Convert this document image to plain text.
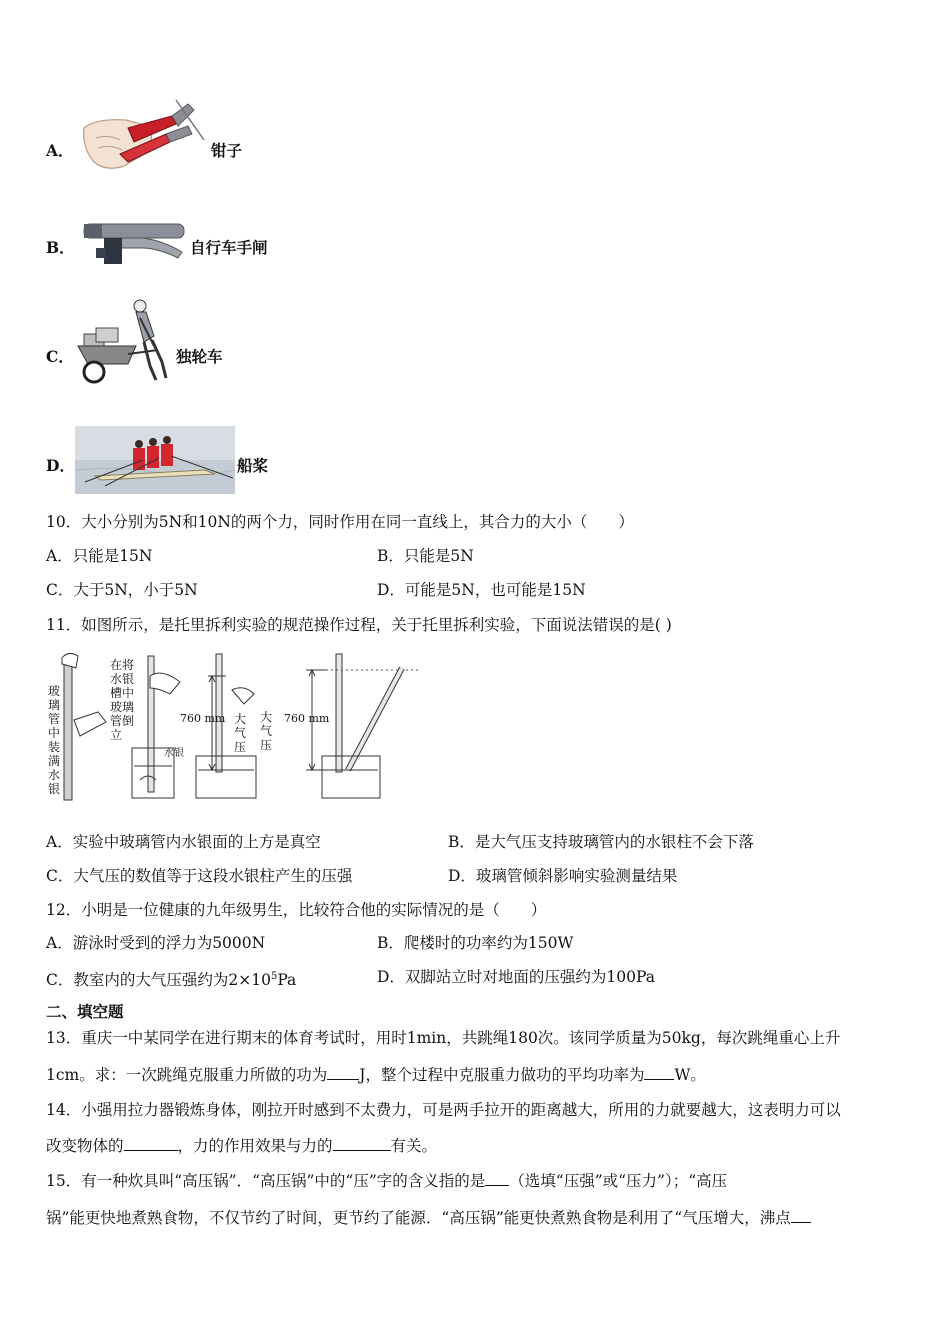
A．	钳子
B．	自行车手闸
C．	独轮车
D．	船桨
10．大小分别为5N和10N的两个力，同时作用在同一直线上，其合力的大小（　　）
A．只能是15N	B．只能是5N
C．大于5N，小于5N	D．可能是5N，也可能是15N
11．如图所示，是托里拆利实验的规范操作过程，关于托里拆利实验，下面说法错误的是( )
玻璃管中装满水银
在将水银槽中玻璃管倒立
水银
760 mm 大气压
大气压
760 mm
A．实验中玻璃管内水银面的上方是真空	B．是大气压支持玻璃管内的水银柱不会下落
C．大气压的数值等于这段水银柱产生的压强	D．玻璃管倾斜影响实验测量结果
12．小明是一位健康的九年级男生，比较符合他的实际情况的是（　　）
A．游泳时受到的浮力为5000N	B．爬楼时的功率约为150W
C．教室内的大气压强约为$2\times 10^5Pa$	D．双脚站立时对地面的压强约为100Pa
二、填空题
13．重庆一中某同学在进行期末的体育考试时，用时1min，共跳绳180次。该同学质量为50kg，每次跳绳重心上升
1cm。求：一次跳绳克服重力所做的功为 J，整个过程中克服重力做功的平均功率为 W。
14．小强用拉力器锻炼身体，刚拉开时感到不太费力，可是两手拉开的距离越大，所用的力就要越大，这表明力可以
改变物体的	，力的作用效果与力的	有关。
15．有一种炊具叫“高压锅”．“高压锅”中的“压”字的含义指的是 （选填“压强”或“压力”）；“高压
锅”能更快地煮熟食物，不仅节约了时间，更节约了能源．“高压锅”能更快煮熟食物是利用了“气压增大，沸点
